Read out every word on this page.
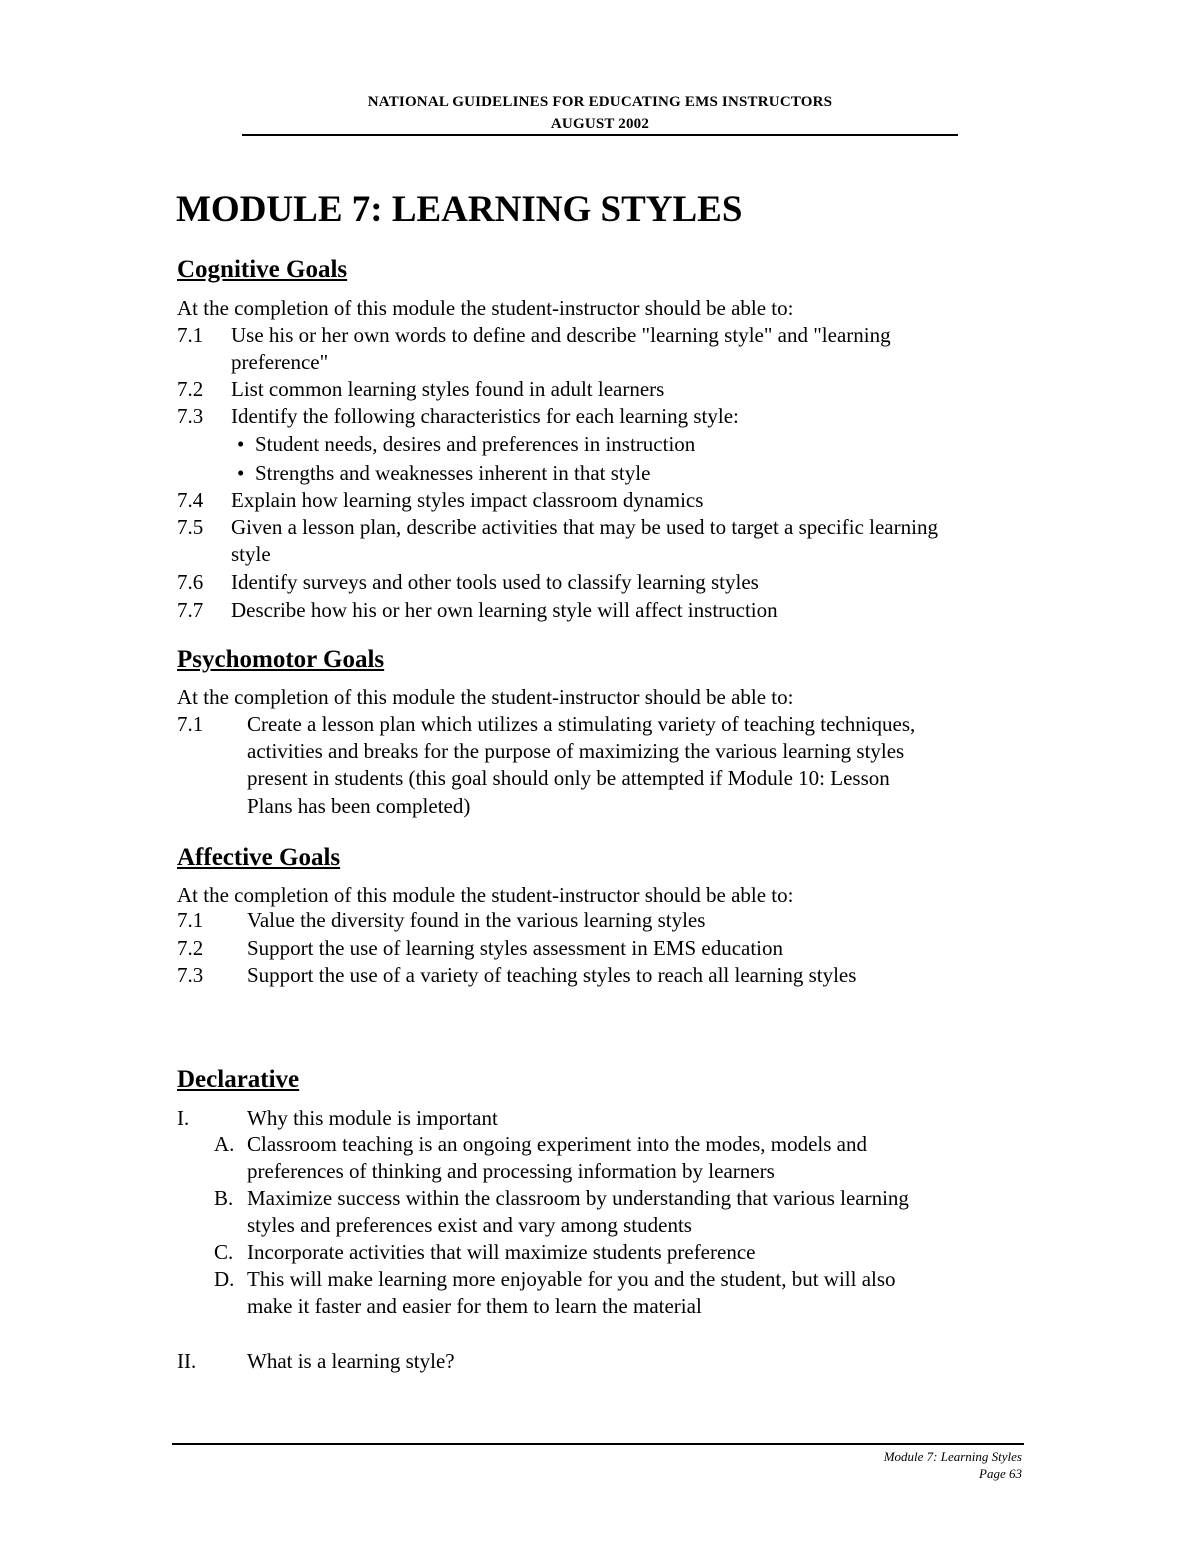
NATIONAL GUIDELINES FOR EDUCATING EMS INSTRUCTORS
AUGUST 2002
MODULE 7: LEARNING STYLES
Cognitive Goals
At the completion of this module the student-instructor should be able to:
7.1 Use his or her own words to define and describe "learning style" and "learning
preference"
7.2 List common learning styles found in adult learners
7.3 Identify the following characteristics for each learning style:
• Student needs, desires and preferences in instruction
• Strengths and weaknesses inherent in that style
7.4 Explain how learning styles impact classroom dynamics
7.5 Given a lesson plan, describe activities that may be used to target a specific learning
style
7.6 Identify surveys and other tools used to classify learning styles
7.7 Describe how his or her own learning style will affect instruction
Psychomotor Goals
At the completion of this module the student-instructor should be able to:
7.1 Create a lesson plan which utilizes a stimulating variety of teaching techniques,
activities and breaks for the purpose of maximizing the various learning styles
present in students (this goal should only be attempted if Module 10: Lesson
Plans has been completed)
Affective Goals
At the completion of this module the student-instructor should be able to:
7.1 Value the diversity found in the various learning styles
7.2 Support the use of learning styles assessment in EMS education
7.3 Support the use of a variety of teaching styles to reach all learning styles
Declarative
I.	Why this module is important
A. Classroom teaching is an ongoing experiment into the modes, models and
preferences of thinking and processing information by learners
B. Maximize success within the classroom by understanding that various learning
styles and preferences exist and vary among students
C. Incorporate activities that will maximize students preference
D. This will make learning more enjoyable for you and the student, but will also
make it faster and easier for them to learn the material
II. What is a learning style?
Module 7: Learning Styles
Page 63
